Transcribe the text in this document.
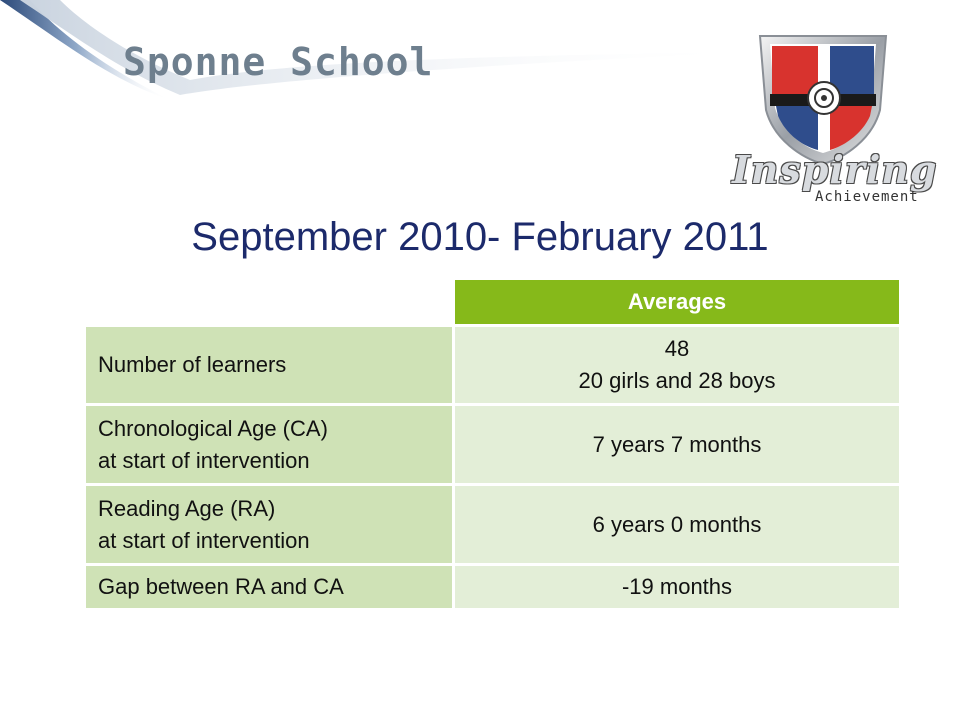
Sponne School
Inspiring
Achievement
September 2010- February 2011
	Averages

Number of learners	48
20 girls and 28 boys

Chronological Age (CA)
at start of intervention	7 years 7 months

Reading Age (RA)
at start of intervention	6 years 0 months

Gap between RA and CA	-19 months
